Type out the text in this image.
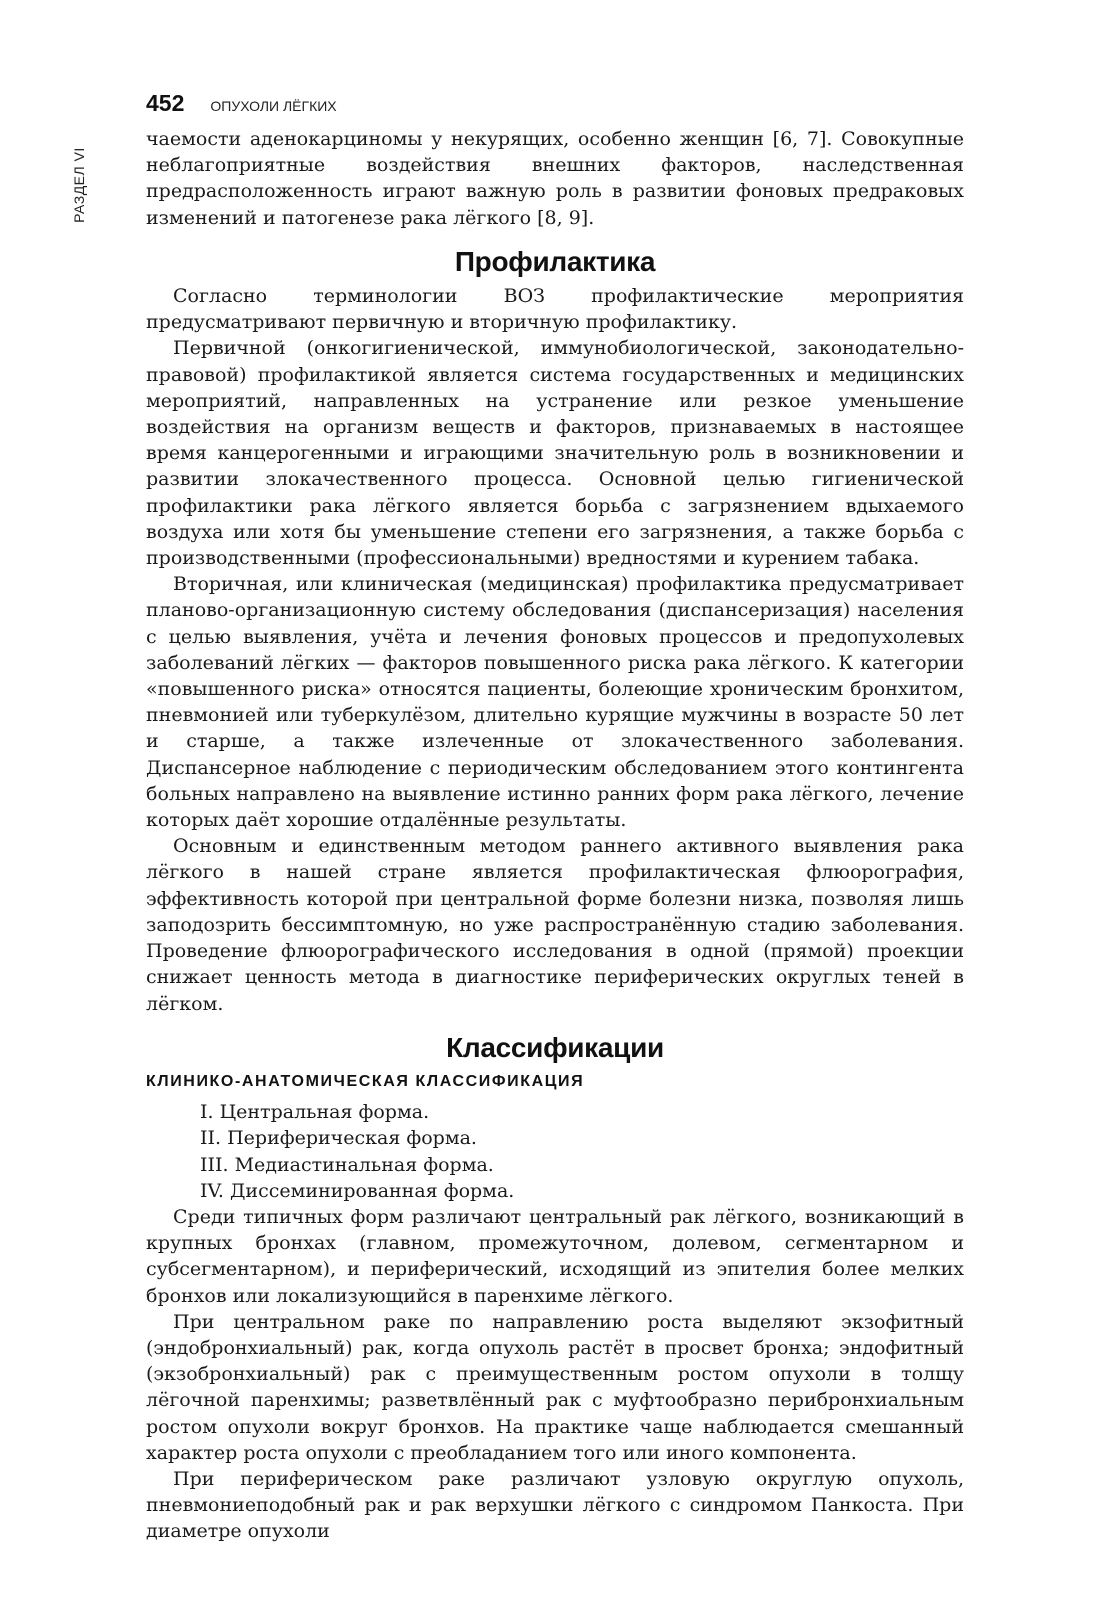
РАЗДЕЛ VI
452 ОПУХОЛИ ЛЁГКИХ

чаемости аденокарциномы у некурящих, особенно женщин [6, 7]. Совокупные неблагоприятные воздействия внешних факторов, наследственная предрасположенность играют важную роль в развитии фоновых предраковых изменений и патогенезе рака лёгкого [8, 9].

Профилактика

Согласно терминологии ВОЗ профилактические мероприятия предусматривают первичную и вторичную профилактику.

Первичной (онкогигиенической, иммунобиологической, законодательно-правовой) профилактикой является система государственных и медицинских мероприятий, направленных на устранение или резкое уменьшение воздействия на организм веществ и факторов, признаваемых в настоящее время канцерогенными и играющими значительную роль в возникновении и развитии злокачественного процесса. Основной целью гигиенической профилактики рака лёгкого является борьба с загрязнением вдыхаемого воздуха или хотя бы уменьшение степени его загрязнения, а также борьба с производственными (профессиональными) вредностями и курением табака.

Вторичная, или клиническая (медицинская) профилактика предусматривает планово-организационную систему обследования (диспансеризация) населения с целью выявления, учёта и лечения фоновых процессов и предопухолевых заболеваний лёгких — факторов повышенного риска рака лёгкого. К категории «повышенного риска» относятся пациенты, болеющие хроническим бронхитом, пневмонией или туберкулёзом, длительно курящие мужчины в возрасте 50 лет и старше, а также излеченные от злокачественного заболевания. Диспансерное наблюдение с периодическим обследованием этого контингента больных направлено на выявление истинно ранних форм рака лёгкого, лечение которых даёт хорошие отдалённые результаты.

Основным и единственным методом раннего активного выявления рака лёгкого в нашей стране является профилактическая флюорография, эффективность которой при центральной форме болезни низка, позволяя лишь заподозрить бессимптомную, но уже распространённую стадию заболевания. Проведение флюорографического исследования в одной (прямой) проекции снижает ценность метода в диагностике периферических округлых теней в лёгком.

Классификации
КЛИНИКО-АНАТОМИЧЕСКАЯ КЛАССИФИКАЦИЯ

I. Центральная форма.

II. Периферическая форма.

III. Медиастинальная форма.

IV. Диссеминированная форма.

Среди типичных форм различают центральный рак лёгкого, возникающий в крупных бронхах (главном, промежуточном, долевом, сегментарном и субсегментарном), и периферический, исходящий из эпителия более мелких бронхов или локализующийся в паренхиме лёгкого.

При центральном раке по направлению роста выделяют экзофитный (эндобронхиальный) рак, когда опухоль растёт в просвет бронха; эндофитный (экзобронхиальный) рак с преимущественным ростом опухоли в толщу лёгочной паренхимы; разветвлённый рак с муфтообразно перибронхиальным ростом опухоли вокруг бронхов. На практике чаще наблюдается смешанный характер роста опухоли с преобладанием того или иного компонента.

При периферическом раке различают узловую округлую опухоль, пневмониеподобный рак и рак верхушки лёгкого с синдромом Панкоста. При диаметре опухоли
